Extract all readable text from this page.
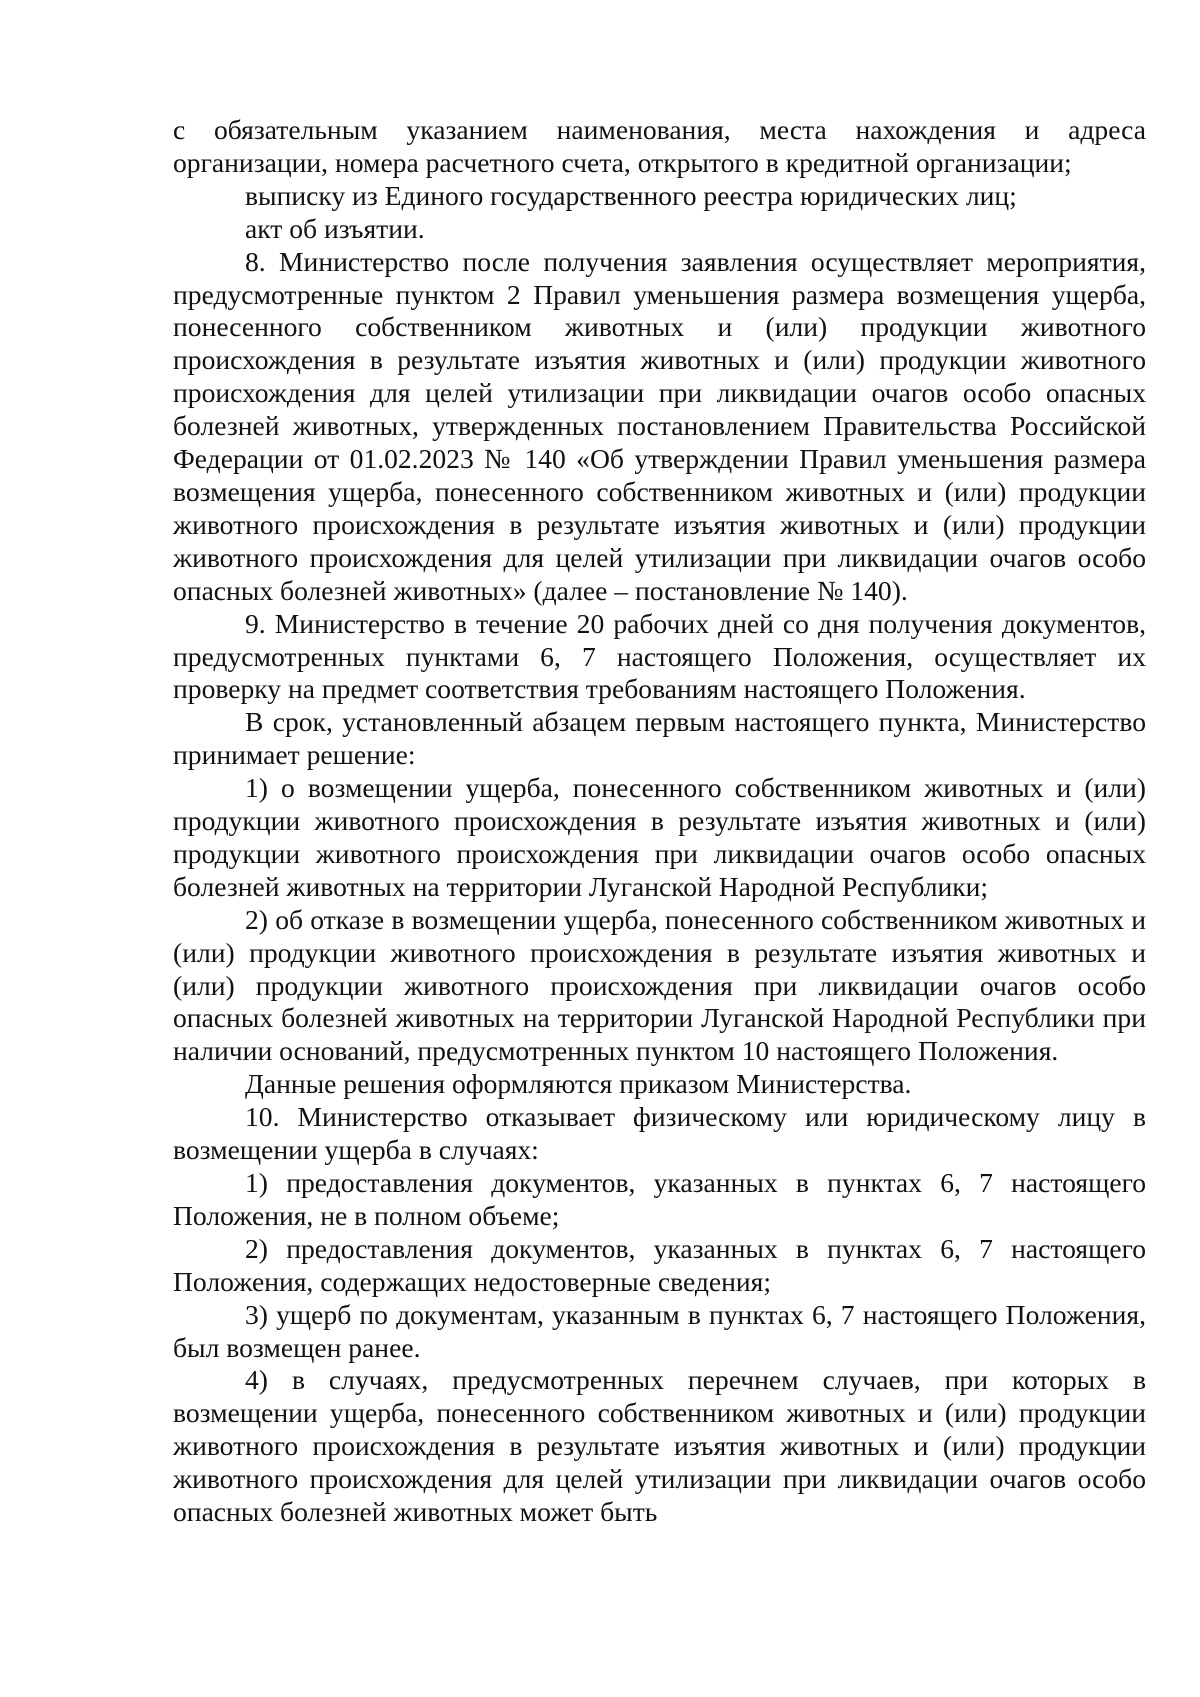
с обязательным указанием наименования, места нахождения и адреса организации, номера расчетного счета, открытого в кредитной организации;

выписку из Единого государственного реестра юридических лиц;

акт об изъятии.

8. Министерство после получения заявления осуществляет мероприятия, предусмотренные пунктом 2 Правил уменьшения размера возмещения ущерба, понесенного собственником животных и (или) продукции животного происхождения в результате изъятия животных и (или) продукции животного происхождения для целей утилизации при ликвидации очагов особо опасных болезней животных, утвержденных постановлением Правительства Российской Федерации от 01.02.2023 № 140 «Об утверждении Правил уменьшения размера возмещения ущерба, понесенного собственником животных и (или) продукции животного происхождения в результате изъятия животных и (или) продукции животного происхождения для целей утилизации при ликвидации очагов особо опасных болезней животных» (далее – постановление № 140).

9. Министерство в течение 20 рабочих дней со дня получения документов, предусмотренных пунктами 6, 7 настоящего Положения, осуществляет их проверку на предмет соответствия требованиям настоящего Положения.

В срок, установленный абзацем первым настоящего пункта, Министерство принимает решение:

1) о возмещении ущерба, понесенного собственником животных и (или) продукции животного происхождения в результате изъятия животных и (или) продукции животного происхождения при ликвидации очагов особо опасных болезней животных на территории Луганской Народной Республики;

2) об отказе в возмещении ущерба, понесенного собственником животных и (или) продукции животного происхождения в результате изъятия животных и (или) продукции животного происхождения при ликвидации очагов особо опасных болезней животных на территории Луганской Народной Республики при наличии оснований, предусмотренных пунктом 10 настоящего Положения.

Данные решения оформляются приказом Министерства.

10. Министерство отказывает физическому или юридическому лицу в возмещении ущерба в случаях:

1) предоставления документов, указанных в пунктах 6, 7 настоящего Положения, не в полном объеме;

2) предоставления документов, указанных в пунктах 6, 7 настоящего Положения, содержащих недостоверные сведения;

3) ущерб по документам, указанным в пунктах 6, 7 настоящего Положения, был возмещен ранее.

4) в случаях, предусмотренных перечнем случаев, при которых в возмещении ущерба, понесенного собственником животных и (или) продукции животного происхождения в результате изъятия животных и (или) продукции животного происхождения для целей утилизации при ликвидации очагов особо опасных болезней животных может быть
